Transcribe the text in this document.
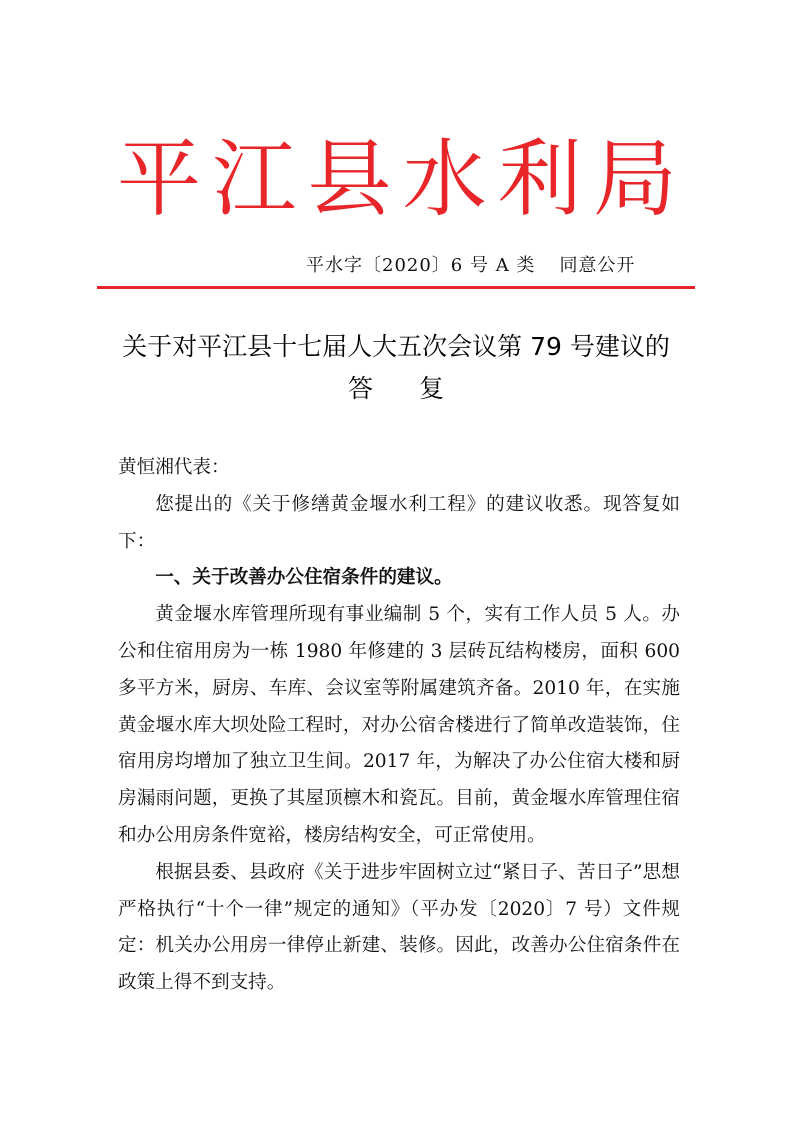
平 江 县 水 利 局
平水字〔2020〕6 号 A 类 同意公开
关于对平江县十七届人大五次会议第 79 号建议的
答复

黄恒湘代表：

您提出的《关于修缮黄金堰水利工程》的建议收悉。现答复如下：

一、关于改善办公住宿条件的建议。

黄金堰水库管理所现有事业编制 5 个，实有工作人员 5 人。办公和住宿用房为一栋 1980 年修建的 3 层砖瓦结构楼房，面积 600 多平方米，厨房、车库、会议室等附属建筑齐备。2010 年，在实施黄金堰水库大坝处险工程时，对办公宿舍楼进行了简单改造装饰，住宿用房均增加了独立卫生间。2017 年，为解决了办公住宿大楼和厨房漏雨问题，更换了其屋顶檩木和瓷瓦。目前，黄金堰水库管理住宿和办公用房条件宽裕，楼房结构安全，可正常使用。

根据县委、县政府《关于进步牢固树立过“紧日子、苦日子”思想严格执行“十个一律”规定的通知》（平办发〔2020〕7 号）文件规定：机关办公用房一律停止新建、装修。因此，改善办公住宿条件在政策上得不到支持。
